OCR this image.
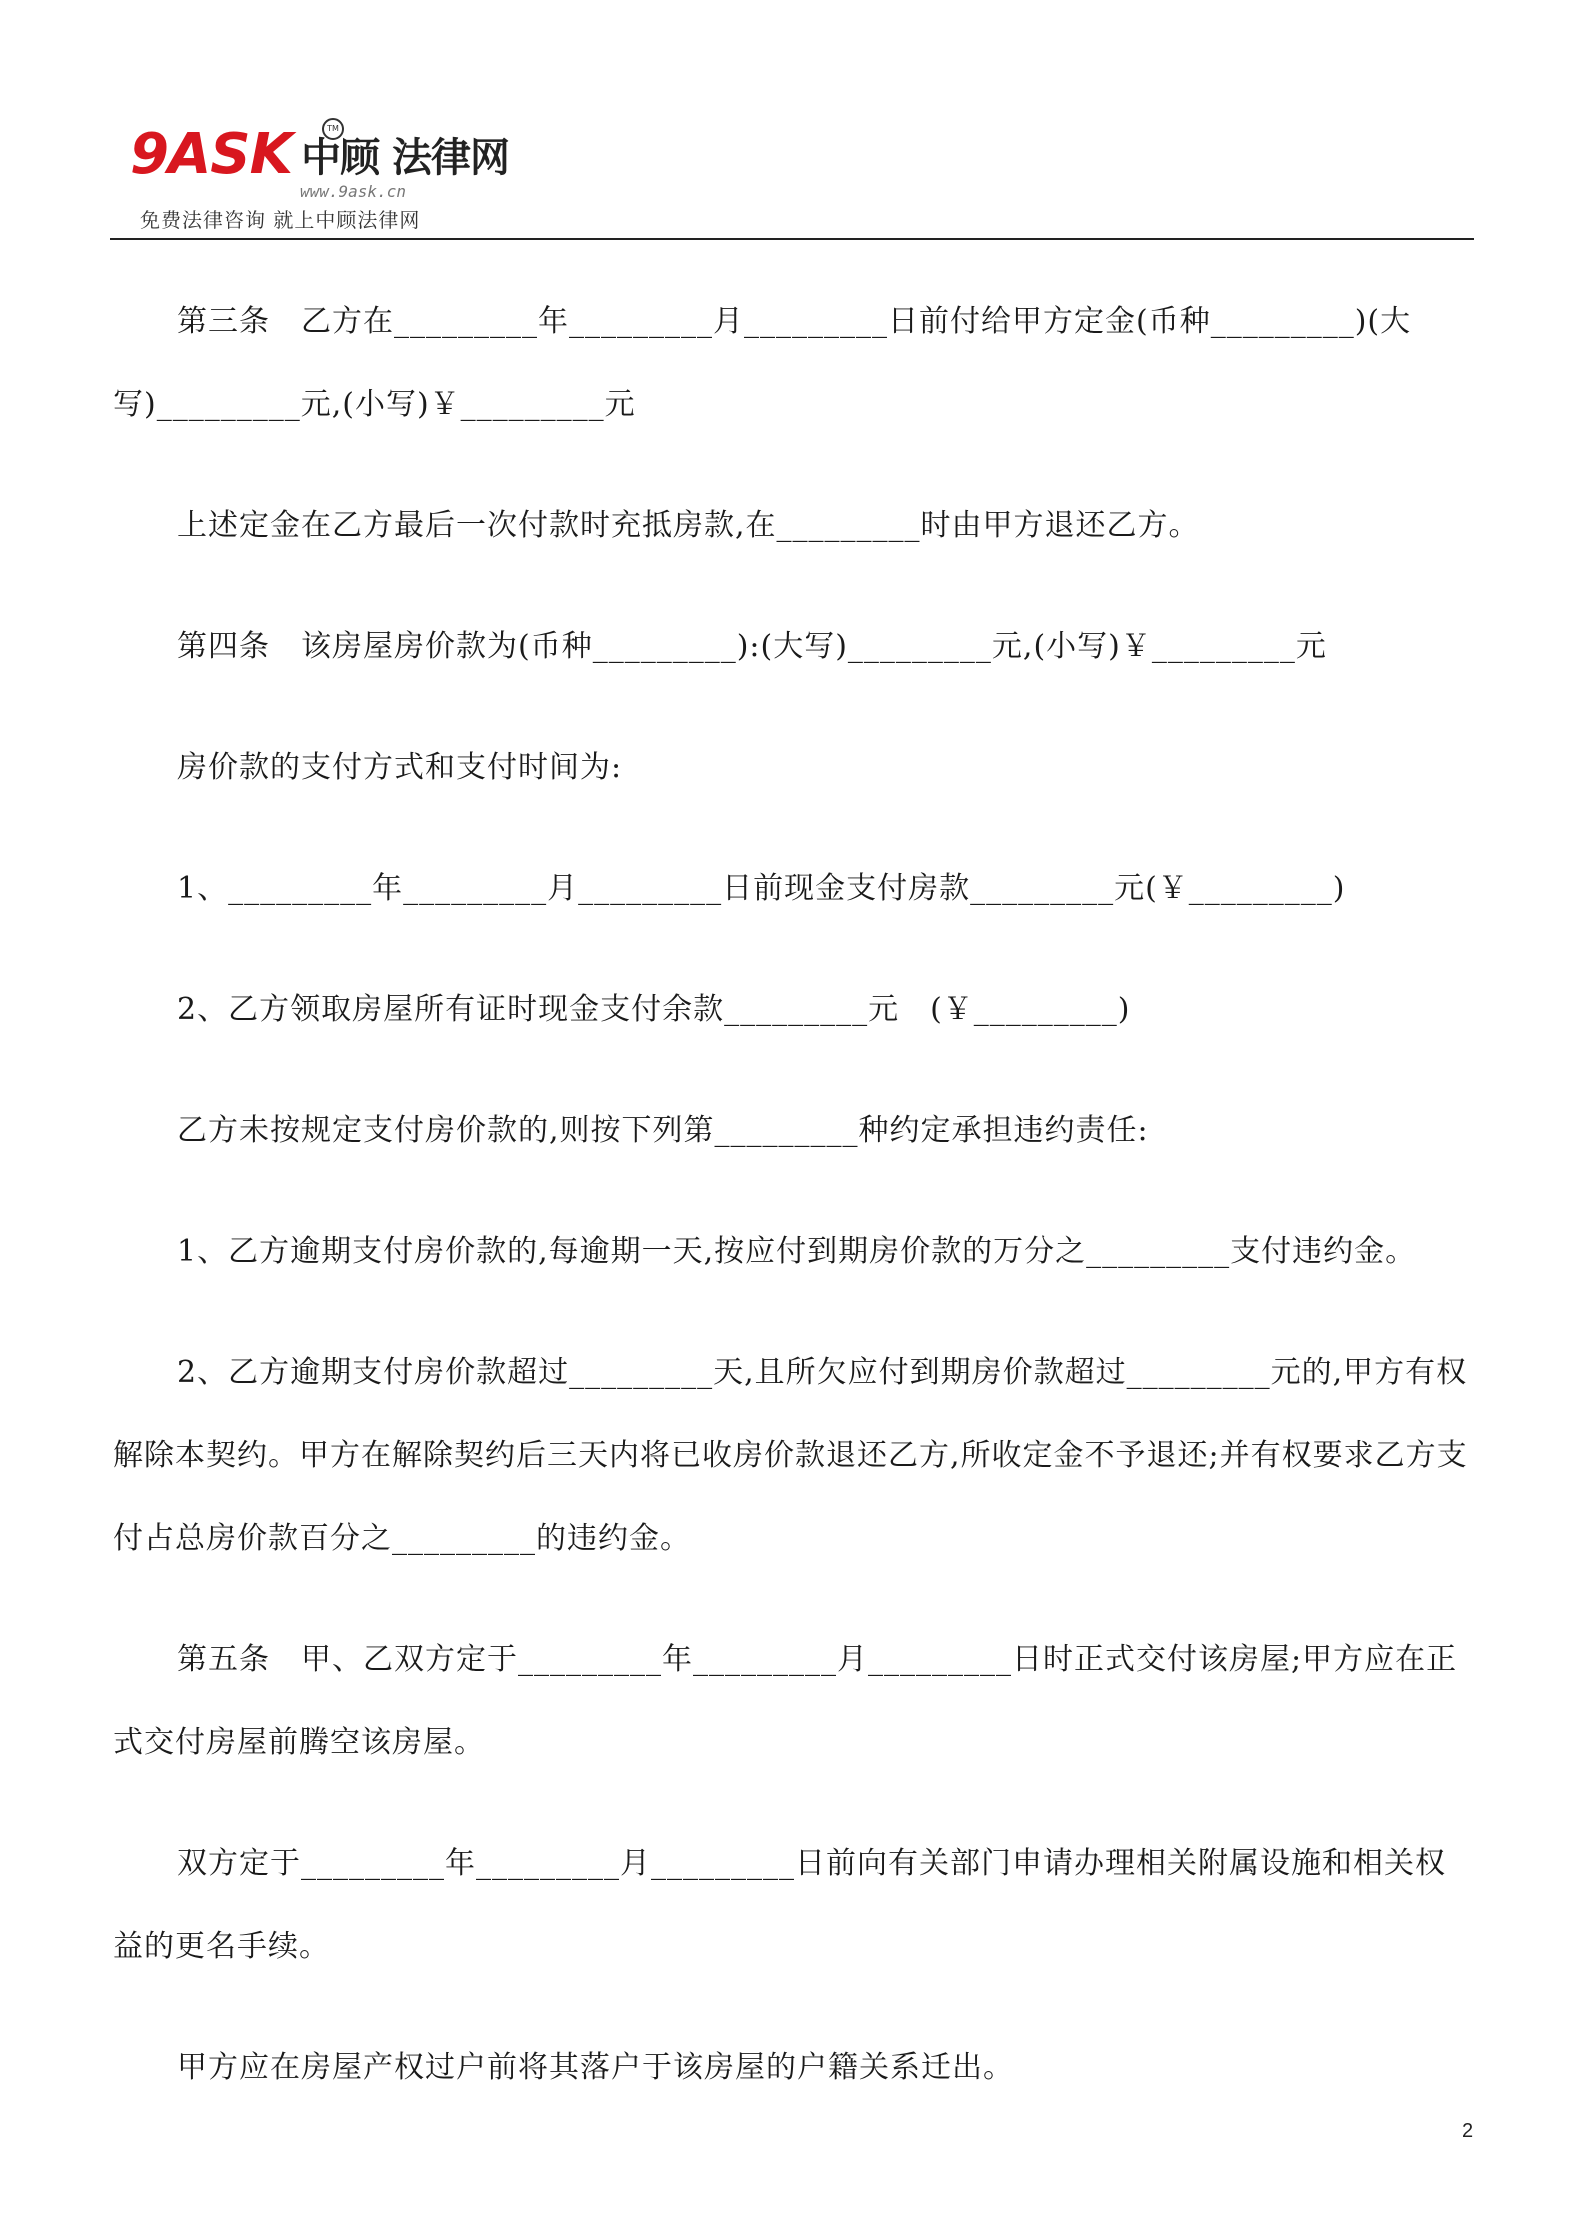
9ASK 中顾 法律网
TM
www.9ask.cn
免费法律咨询 就上中顾法律网

第三条　乙方在_________年_________月_________日前付给甲方定金(币种_________)(大写)_________元,(小写)￥_________元

上述定金在乙方最后一次付款时充抵房款,在_________时由甲方退还乙方。

第四条　该房屋房价款为(币种_________):(大写)_________元,(小写)￥_________元

房价款的支付方式和支付时间为:

1、_________年_________月_________日前现金支付房款_________元(￥_________)

2、乙方领取房屋所有证时现金支付余款_________元　(￥_________)

乙方未按规定支付房价款的,则按下列第_________种约定承担违约责任:

1、乙方逾期支付房价款的,每逾期一天,按应付到期房价款的万分之_________支付违约金。

2、乙方逾期支付房价款超过_________天,且所欠应付到期房价款超过_________元的,甲方有权解除本契约。甲方在解除契约后三天内将已收房价款退还乙方,所收定金不予退还;并有权要求乙方支付占总房价款百分之_________的违约金。

第五条　甲、乙双方定于_________年_________月_________日时正式交付该房屋;甲方应在正式交付房屋前腾空该房屋。

双方定于_________年_________月_________日前向有关部门申请办理相关附属设施和相关权益的更名手续。

甲方应在房屋产权过户前将其落户于该房屋的户籍关系迁出。

2
